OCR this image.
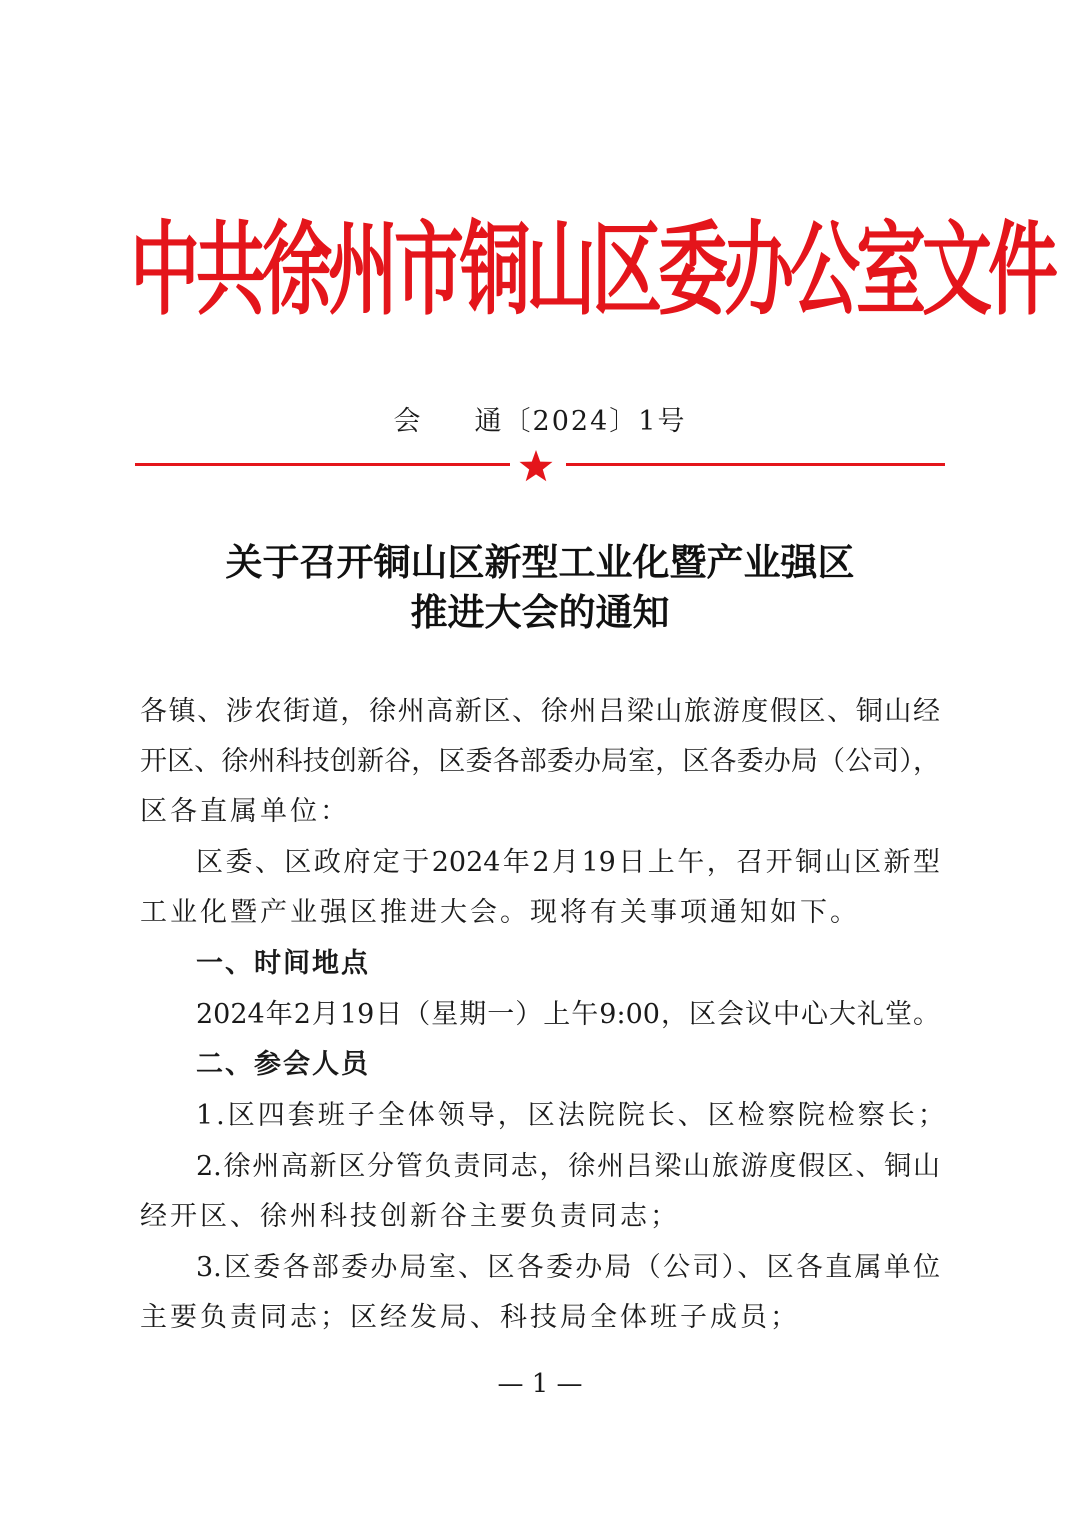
中共徐州市铜山区委办公室文件
会 通〔2024〕1号
关于召开铜山区新型工业化暨产业强区
推进大会的通知
各镇、涉农街道，徐州高新区、徐州吕梁山旅游度假区、铜山经
开区、徐州科技创新谷，区委各部委办局室，区各委办局（公司），
区各直属单位：
区委、区政府定于2024年2月19日上午，召开铜山区新型
工业化暨产业强区推进大会。现将有关事项通知如下。
一、时间地点
2024年2月19日（星期一）上午9:00，区会议中心大礼堂。
二、参会人员
1.区四套班子全体领导，区法院院长、区检察院检察长；
2.徐州高新区分管负责同志，徐州吕梁山旅游度假区、铜山
经开区、徐州科技创新谷主要负责同志；
3.区委各部委办局室、区各委办局（公司）、区各直属单位
主要负责同志；区经发局、科技局全体班子成员；
— 1 —
